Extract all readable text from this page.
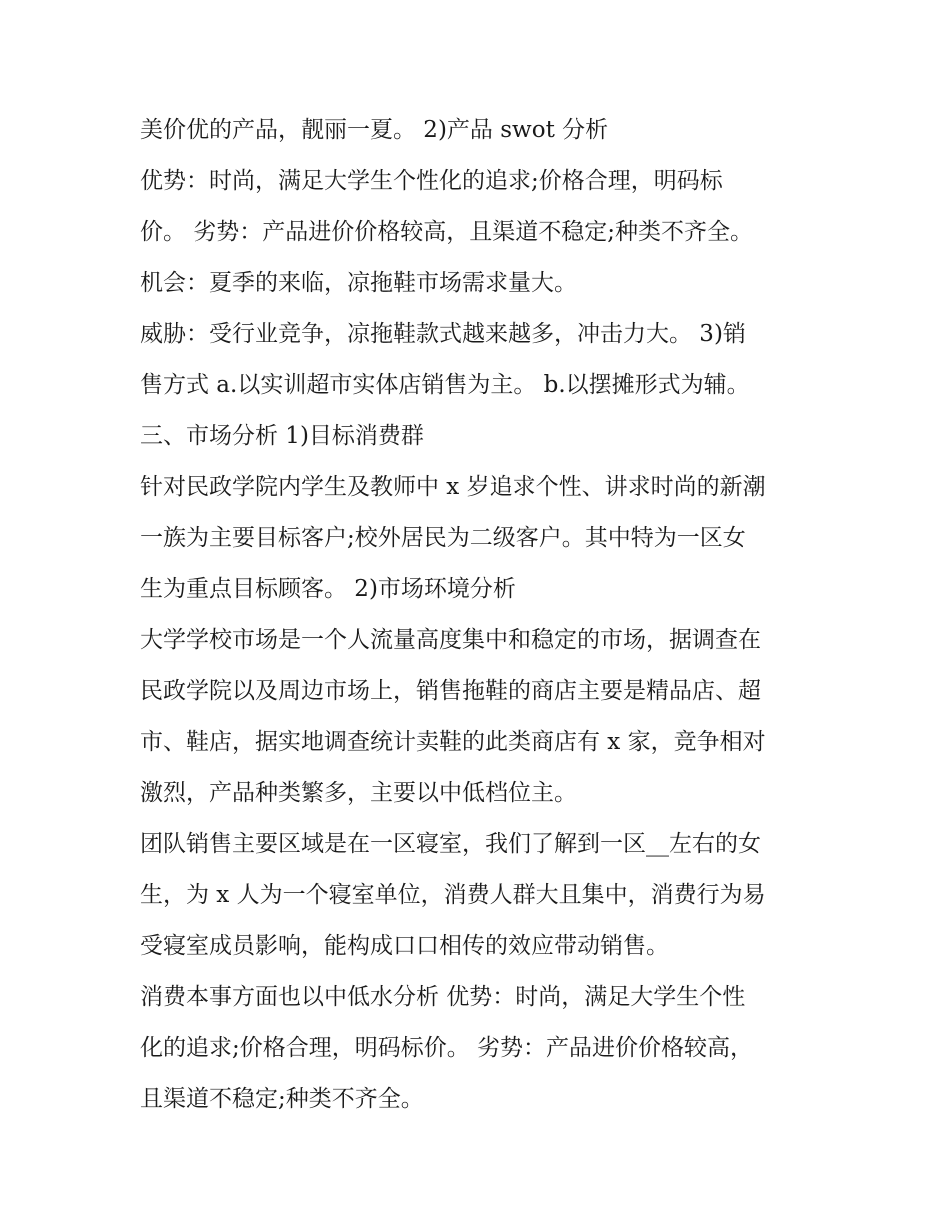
美价优的产品，靓丽一夏。 2)产品 swot 分析
优势：时尚，满足大学生个性化的追求;价格合理，明码标
价。 劣势：产品进价价格较高，且渠道不稳定;种类不齐全。
机会：夏季的来临，凉拖鞋市场需求量大。
威胁：受行业竞争，凉拖鞋款式越来越多，冲击力大。 3)销
售方式 a.以实训超市实体店销售为主。 b.以摆摊形式为辅。
三、市场分析 1)目标消费群
针对民政学院内学生及教师中 x 岁追求个性、讲求时尚的新潮
一族为主要目标客户;校外居民为二级客户。其中特为一区女
生为重点目标顾客。 2)市场环境分析
大学学校市场是一个人流量高度集中和稳定的市场，据调查在
民政学院以及周边市场上，销售拖鞋的商店主要是精品店、超
市、鞋店，据实地调查统计卖鞋的此类商店有 x 家，竞争相对
激烈，产品种类繁多，主要以中低档位主。
团队销售主要区域是在一区寝室，我们了解到一区__左右的女
生，为 x 人为一个寝室单位，消费人群大且集中，消费行为易
受寝室成员影响，能构成口口相传的效应带动销售。
消费本事方面也以中低水分析 优势：时尚，满足大学生个性
化的追求;价格合理，明码标价。 劣势：产品进价价格较高，
且渠道不稳定;种类不齐全。
